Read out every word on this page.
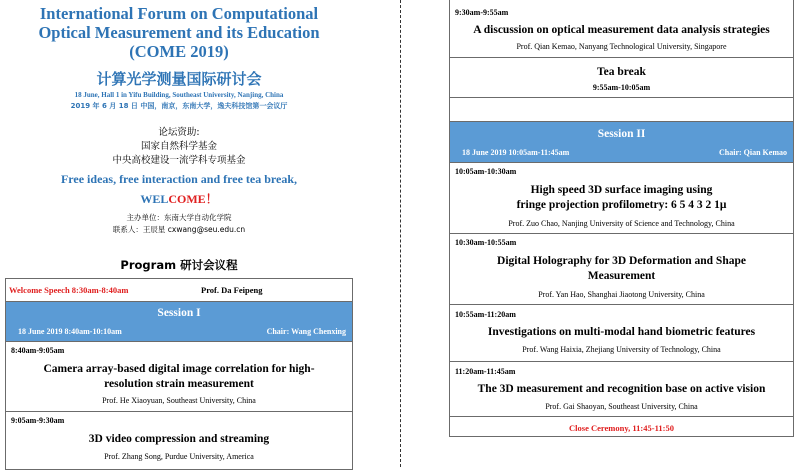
International Forum on Computational
Optical Measurement and its Education
(COME 2019)
计算光学测量国际研讨会
18 June, Hall 1 in Yifu Building, Southeast University, Nanjing, China
2019 年 6 月 18 日 中国，南京，东南大学，逸夫科技馆第一会议厅
论坛资助:
国家自然科学基金
中央高校建设一流学科专项基金
Free ideas, free interaction and free tea break,
WELCOME！
主办单位：东南大学自动化学院
联系人：王辰星 cxwang@seu.edu.cn
Program 研讨会议程
Welcome Speech 8:30am-8:40am	Prof. Da Feipeng
Session I
18 June 2019 8:40am-10:10am	Chair: Wang Chenxing
8:40am-9:05am
Camera array-based digital image correlation for high-
resolution strain measurement
Prof. He Xiaoyuan, Southeast University, China
9:05am-9:30am
3D video compression and streaming
Prof. Zhang Song, Purdue University, America
9:30am-9:55am
A discussion on optical measurement data analysis strategies
Prof. Qian Kemao, Nanyang Technological University, Singapore
Tea break
9:55am-10:05am
Session II
18 June 2019 10:05am-11:45am	Chair: Qian Kemao
10:05am-10:30am
High speed 3D surface imaging using
fringe projection profilometry: 6 5 4 3 2 1μ
Prof. Zuo Chao, Nanjing University of Science and Technology, China
10:30am-10:55am
Digital Holography for 3D Deformation and Shape
Measurement
Prof. Yan Hao, Shanghai Jiaotong University, China
10:55am-11:20am
Investigations on multi-modal hand biometric features
Prof. Wang Haixia, Zhejiang University of Technology, China
11:20am-11:45am
The 3D measurement and recognition base on active vision
Prof. Gai Shaoyan, Southeast University, China
Close Ceremony, 11:45-11:50
